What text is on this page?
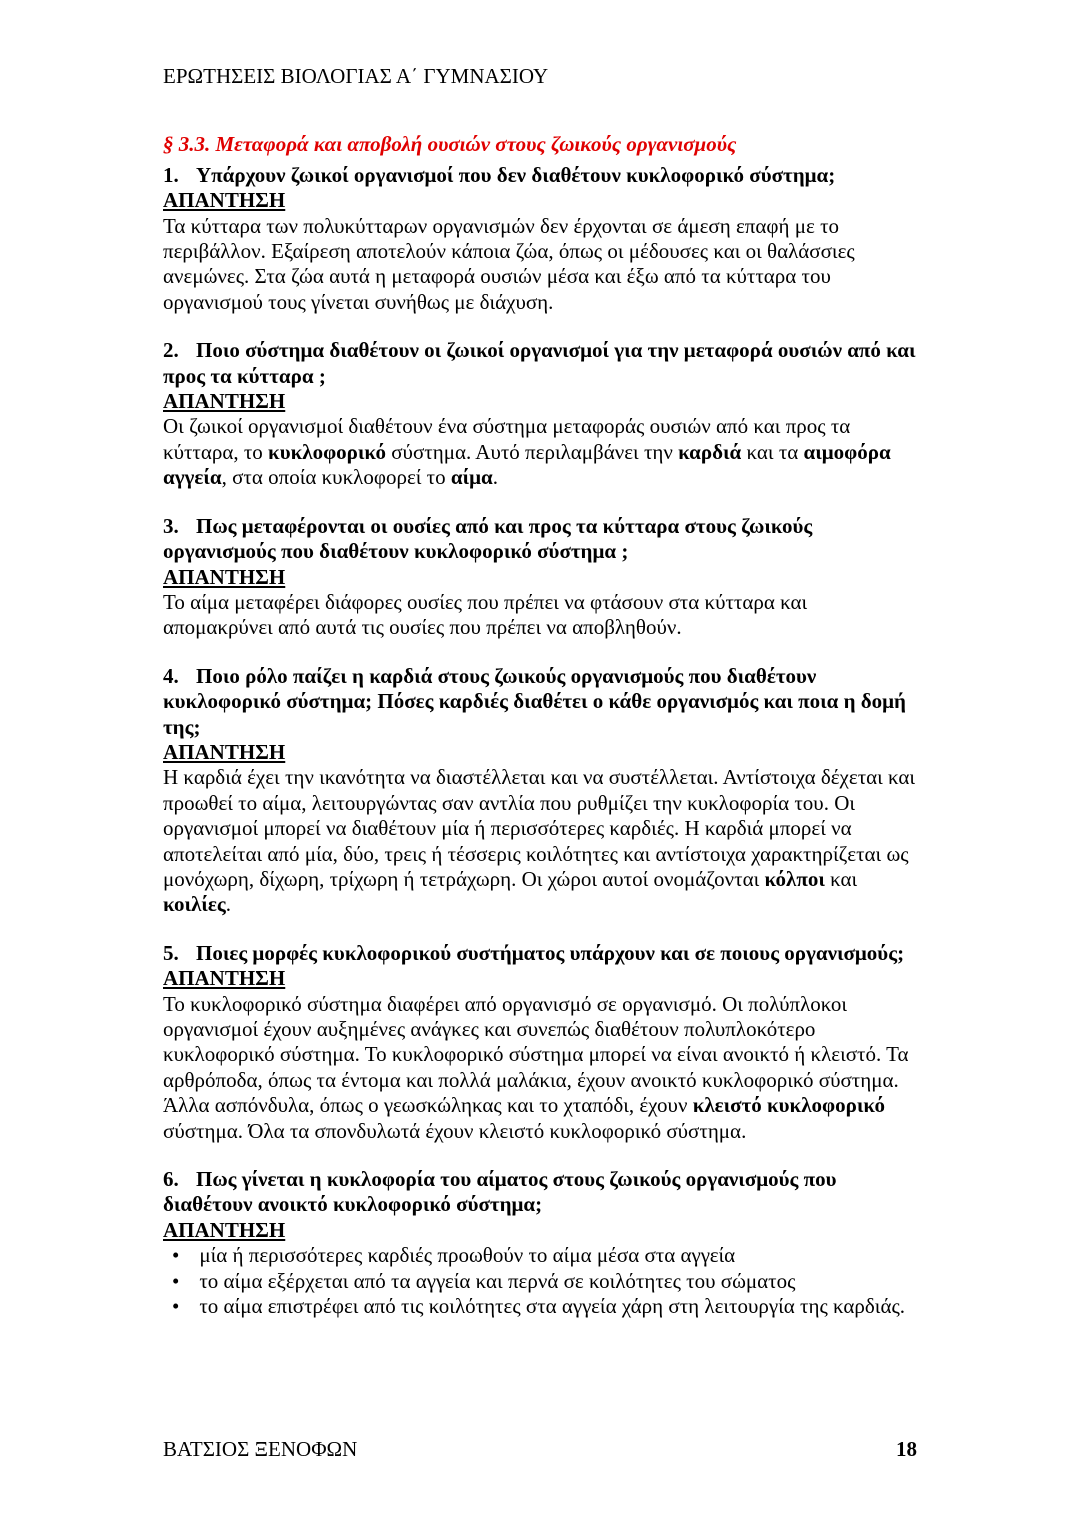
ΕΡΩΤΗΣΕΙΣ ΒΙΟΛΟΓΙΑΣ Α΄ ΓΥΜΝΑΣΙΟΥ

§ 3.3. Μεταφορά και αποβολή ουσιών στους ζωικούς οργανισμούς

1. Υπάρχουν ζωικοί οργανισμοί που δεν διαθέτουν κυκλοφορικό σύστημα;

ΑΠΑΝΤΗΣΗ

Τα κύτταρα των πολυκύτταρων οργανισμών δεν έρχονται σε άμεση επαφή με το περιβάλλον. Εξαίρεση αποτελούν κάποια ζώα, όπως οι μέδουσες και οι θαλάσσιες ανεμώνες. Στα ζώα αυτά η μεταφορά ουσιών μέσα και έξω από τα κύτταρα του οργανισμού τους γίνεται συνήθως με διάχυση.

2. Ποιο σύστημα διαθέτουν οι ζωικοί οργανισμοί για την μεταφορά ουσιών από και προς τα κύτταρα ;

ΑΠΑΝΤΗΣΗ

Οι ζωικοί οργανισμοί διαθέτουν ένα σύστημα μεταφοράς ουσιών από και προς τα κύτταρα, το κυκλοφορικό σύστημα. Αυτό περιλαμβάνει την καρδιά και τα αιμοφόρα αγγεία, στα οποία κυκλοφορεί το αίμα.

3. Πως μεταφέρονται οι ουσίες από και προς τα κύτταρα στους ζωικούς οργανισμούς που διαθέτουν κυκλοφορικό σύστημα ;

ΑΠΑΝΤΗΣΗ

Το αίμα μεταφέρει διάφορες ουσίες που πρέπει να φτάσουν στα κύτταρα και απομακρύνει από αυτά τις ουσίες που πρέπει να αποβληθούν.

4. Ποιο ρόλο παίζει η καρδιά στους ζωικούς οργανισμούς που διαθέτουν κυκλοφορικό σύστημα; Πόσες καρδιές διαθέτει ο κάθε οργανισμός και ποια η δομή της;

ΑΠΑΝΤΗΣΗ

Η καρδιά έχει την ικανότητα να διαστέλλεται και να συστέλλεται. Αντίστοιχα δέχεται και προωθεί το αίμα, λειτουργώντας σαν αντλία που ρυθμίζει την κυκλοφορία του. Οι οργανισμοί μπορεί να διαθέτουν μία ή περισσότερες καρδιές. Η καρδιά μπορεί να αποτελείται από μία, δύο, τρεις ή τέσσερις κοιλότητες και αντίστοιχα χαρακτηρίζεται ως μονόχωρη, δίχωρη, τρίχωρη ή τετράχωρη. Οι χώροι αυτοί ονομάζονται κόλποι και κοιλίες.

5. Ποιες μορφές κυκλοφορικού συστήματος υπάρχουν και σε ποιους οργανισμούς;

ΑΠΑΝΤΗΣΗ

Το κυκλοφορικό σύστημα διαφέρει από οργανισμό σε οργανισμό. Οι πολύπλοκοι οργανισμοί έχουν αυξημένες ανάγκες και συνεπώς διαθέτουν πολυπλοκότερο κυκλοφορικό σύστημα. Το κυκλοφορικό σύστημα μπορεί να είναι ανοικτό ή κλειστό. Τα αρθρόποδα, όπως τα έντομα και πολλά μαλάκια, έχουν ανοικτό κυκλοφορικό σύστημα. Άλλα ασπόνδυλα, όπως ο γεωσκώληκας και το χταπόδι, έχουν κλειστό κυκλοφορικό σύστημα. Όλα τα σπονδυλωτά έχουν κλειστό κυκλοφορικό σύστημα.

6. Πως γίνεται η κυκλοφορία του αίματος στους ζωικούς οργανισμούς που διαθέτουν ανοικτό κυκλοφορικό σύστημα;

ΑΠΑΝΤΗΣΗ

• μία ή περισσότερες καρδιές προωθούν το αίμα μέσα στα αγγεία

• το αίμα εξέρχεται από τα αγγεία και περνά σε κοιλότητες του σώματος

• το αίμα επιστρέφει από τις κοιλότητες στα αγγεία χάρη στη λειτουργία της καρδιάς.

ΒΑΤΣΙΟΣ ΞΕΝΟΦΩΝ	18
